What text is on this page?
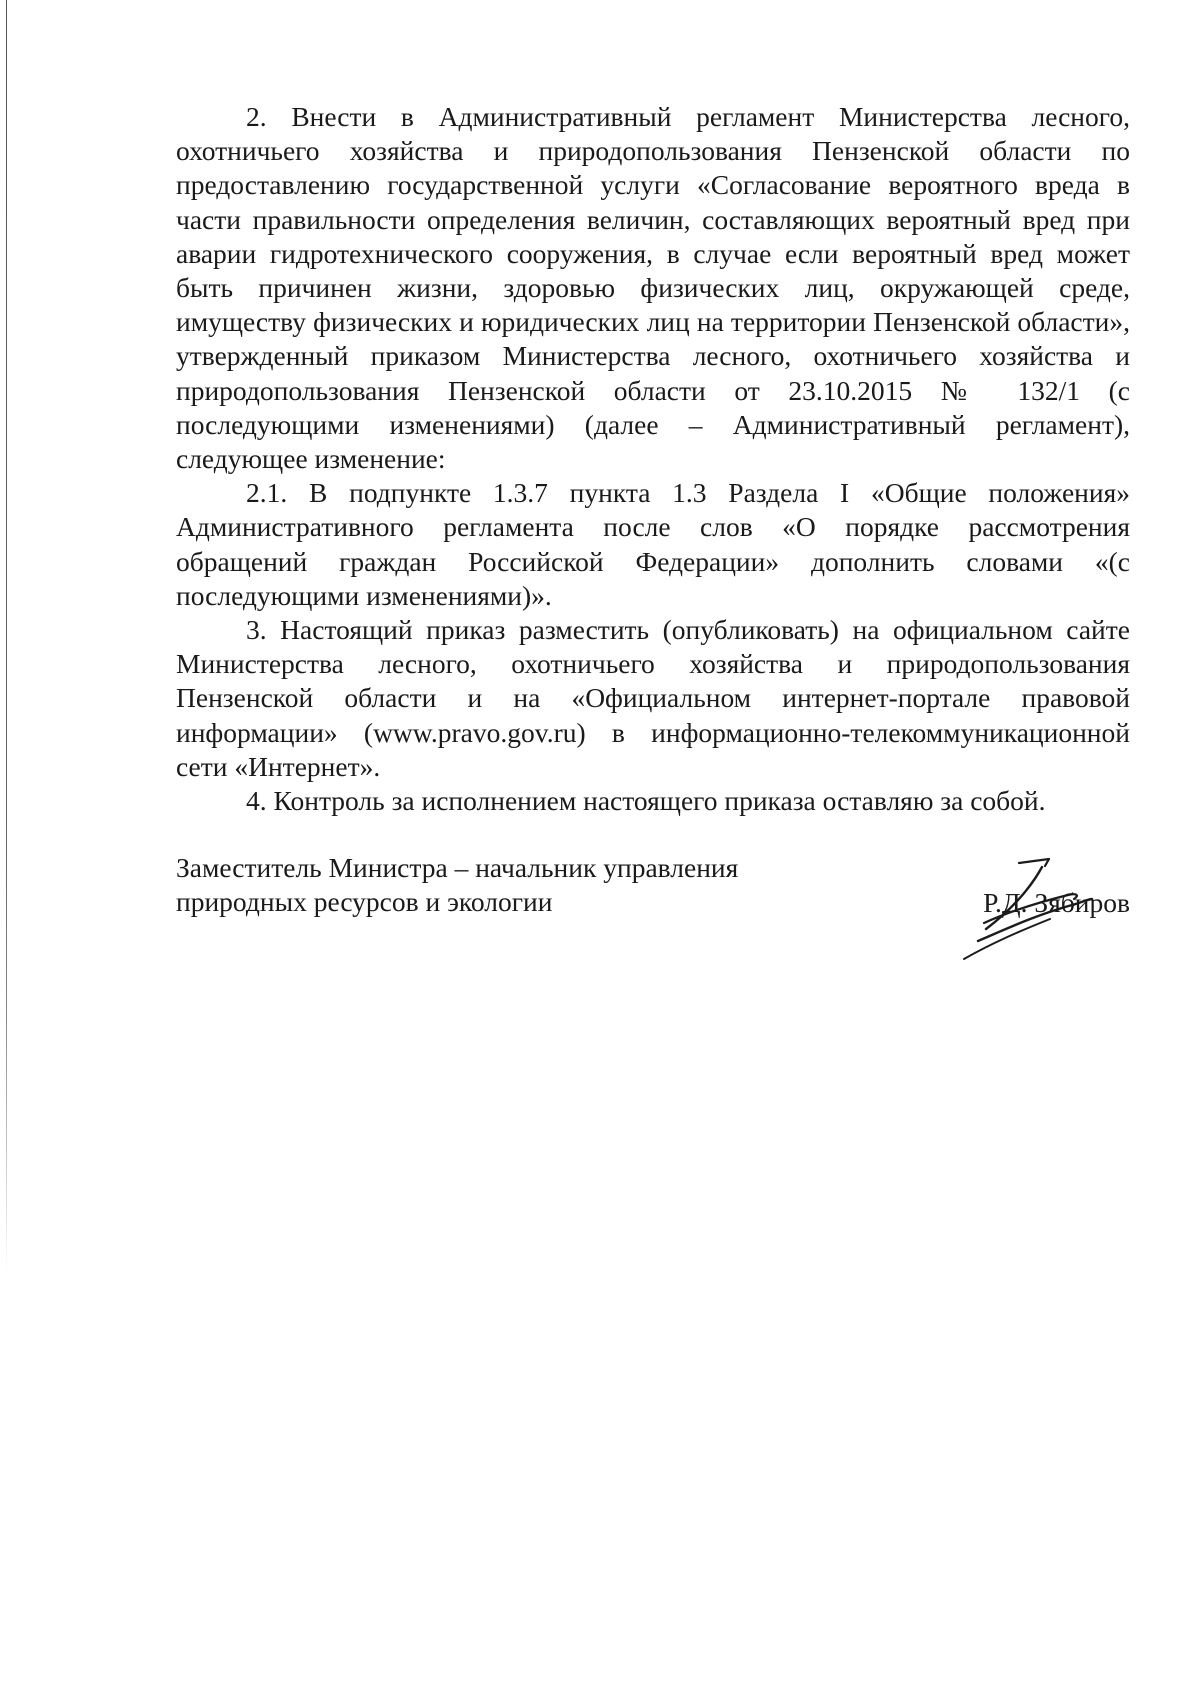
2. Внести в Административный регламент Министерства лесного, охотничьего хозяйства и природопользования Пензенской области по предоставлению государственной услуги «Согласование вероятного вреда в части правильности определения величин, составляющих вероятный вред при аварии гидротехнического сооружения, в случае если вероятный вред может быть причинен жизни, здоровью физических лиц, окружающей среде, имуществу физических и юридических лиц на территории Пензенской области», утвержденный приказом Министерства лесного, охотничьего хозяйства и природопользования Пензенской области от 23.10.2015 № 132/1 (с последующими изменениями) (далее – Административный регламент), следующее изменение:

2.1. В подпункте 1.3.7 пункта 1.3 Раздела I «Общие положения» Административного регламента после слов «О порядке рассмотрения обращений граждан Российской Федерации» дополнить словами «(с последующими изменениями)».

3. Настоящий приказ разместить (опубликовать) на официальном сайте Министерства лесного, охотничьего хозяйства и природопользования Пензенской области и на «Официальном интернет-портале правовой информации» (www.pravo.gov.ru) в информационно-телекоммуникационной сети «Интернет».

4. Контроль за исполнением настоящего приказа оставляю за собой.

Заместитель Министра – начальник управления
природных ресурсов и экологии	Р.Д. Зябиров
